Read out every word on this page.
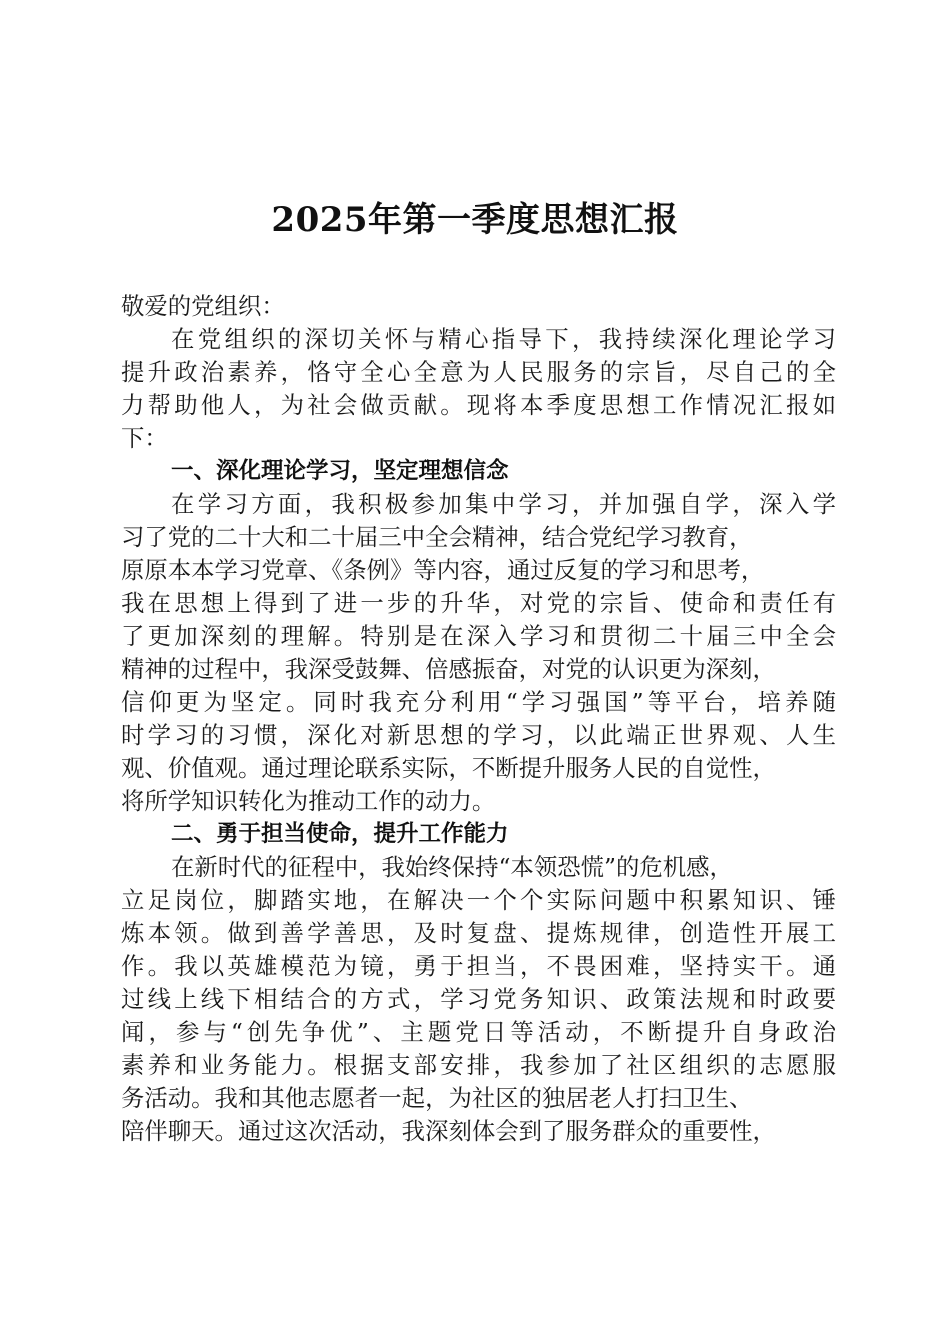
2025年第一季度思想汇报
敬爱的党组织：
在党组织的深切关怀与精心指导下，我持续深化理论学习
提升政治素养，恪守全心全意为人民服务的宗旨，尽自己的全
力帮助他人，为社会做贡献。现将本季度思想工作情况汇报如
下：
一、深化理论学习，坚定理想信念
在学习方面，我积极参加集中学习，并加强自学，深入学
习了党的二十大和二十届三中全会精神，结合党纪学习教育，
原原本本学习党章、《条例》等内容，通过反复的学习和思考，
我在思想上得到了进一步的升华，对党的宗旨、使命和责任有
了更加深刻的理解。特别是在深入学习和贯彻二十届三中全会
精神的过程中，我深受鼓舞、倍感振奋，对党的认识更为深刻，
信仰更为坚定。同时我充分利用“学习强国”等平台，培养随
时学习的习惯，深化对新思想的学习，以此端正世界观、人生
观、价值观。通过理论联系实际，不断提升服务人民的自觉性，
将所学知识转化为推动工作的动力。
二、勇于担当使命，提升工作能力
在新时代的征程中，我始终保持“本领恐慌”的危机感，
立足岗位，脚踏实地，在解决一个个实际问题中积累知识、锤
炼本领。做到善学善思，及时复盘、提炼规律，创造性开展工
作。我以英雄模范为镜，勇于担当，不畏困难，坚持实干。通
过线上线下相结合的方式，学习党务知识、政策法规和时政要
闻，参与“创先争优”、主题党日等活动，不断提升自身政治
素养和业务能力。根据支部安排，我参加了社区组织的志愿服
务活动。我和其他志愿者一起，为社区的独居老人打扫卫生、
陪伴聊天。通过这次活动，我深刻体会到了服务群众的重要性，
